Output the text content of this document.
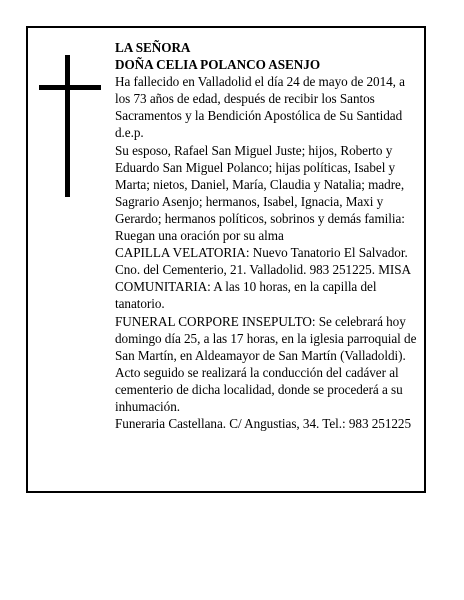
LA SEÑORA

DOÑA CELIA POLANCO ASENJO

Ha fallecido en Valladolid el día 24 de mayo de 2014, a los 73 años de edad, después de recibir los Santos Sacramentos y la Bendición Apostólica de Su Santidad d.e.p.

Su esposo, Rafael San Miguel Juste; hijos, Roberto y Eduardo San Miguel Polanco; hijas políticas, Isabel y Marta; nietos, Daniel, María, Claudia y Natalia; madre, Sagrario Asenjo; hermanos, Isabel, Ignacia, Maxi y Gerardo; hermanos políticos, sobrinos y demás familia:

Ruegan una oración por su alma

CAPILLA VELATORIA: Nuevo Tanatorio El Salvador. Cno. del Cementerio, 21. Valladolid. 983 251225. MISA COMUNITARIA: A las 10 horas, en la capilla del tanatorio.

FUNERAL CORPORE INSEPULTO: Se celebrará hoy domingo día 25, a las 17 horas, en la iglesia parroquial de San Martín, en Aldeamayor de San Martín (Valladoldi). Acto seguido se realizará la conducción del cadáver al cementerio de dicha localidad, donde se procederá a su inhumación.

Funeraria Castellana. C/ Angustias, 34. Tel.: 983 251225
